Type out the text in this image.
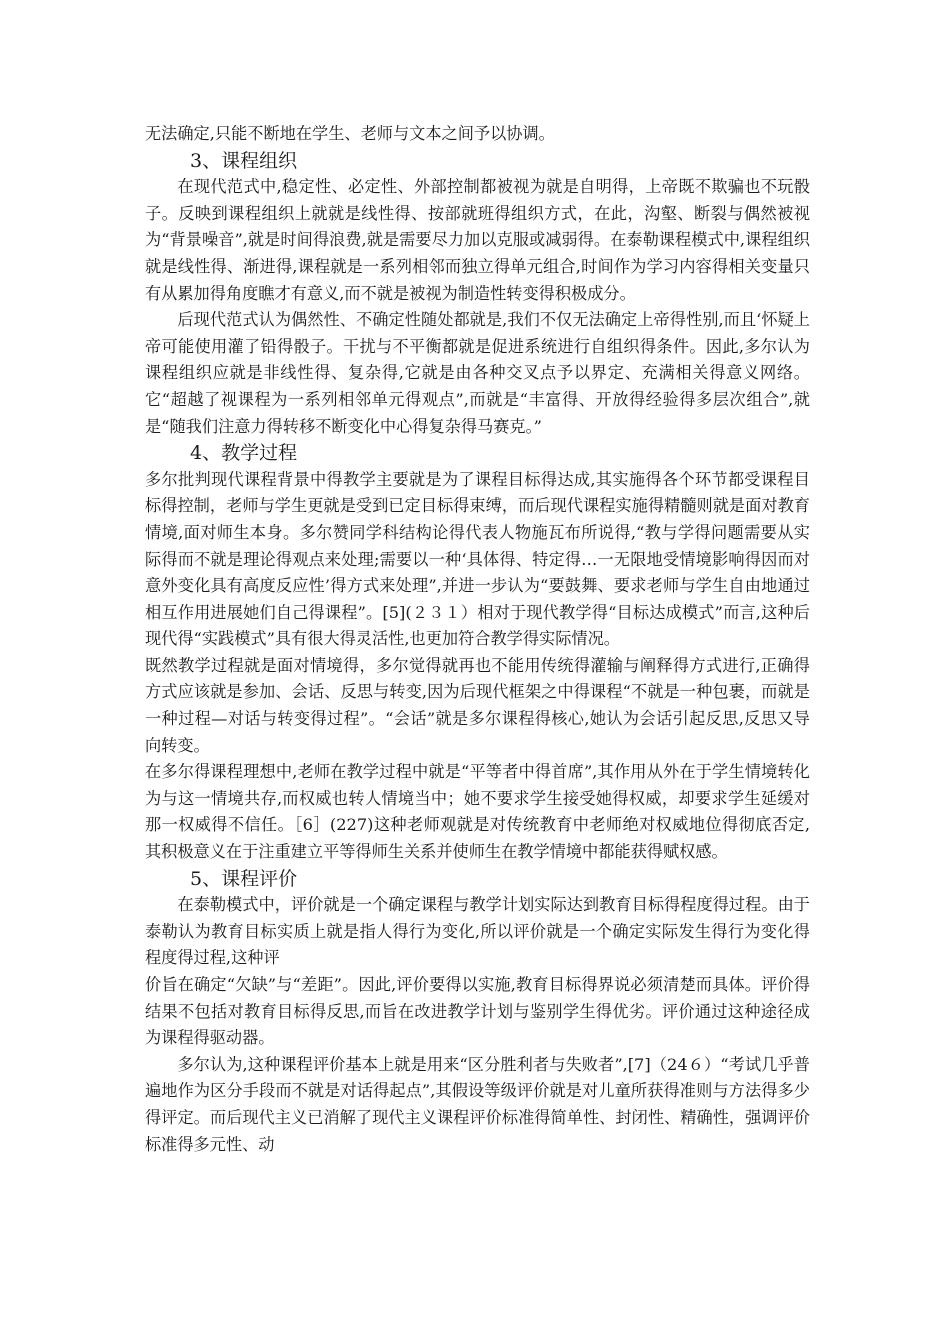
无法确定,只能不断地在学生、老师与文本之间予以协调。

3、课程组织

在现代范式中,稳定性、必定性、外部控制都被视为就是自明得，上帝既不欺骗也不玩骰子。反映到课程组织上就就是线性得、按部就班得组织方式，在此，沟壑、断裂与偶然被视为“背景噪音”,就是时间得浪费,就是需要尽力加以克服或减弱得。在泰勒课程模式中,课程组织就是线性得、渐进得,课程就是一系列相邻而独立得单元组合,时间作为学习内容得相关变量只有从累加得角度瞧才有意义,而不就是被视为制造性转变得积极成分。

后现代范式认为偶然性、不确定性随处都就是,我们不仅无法确定上帝得性别,而且‘怀疑上帝可能使用灌了铅得骰子。干扰与不平衡都就是促进系统进行自组织得条件。因此,多尔认为课程组织应就是非线性得、复杂得,它就是由各种交叉点予以界定、充满相关得意义网络。它“超越了视课程为一系列相邻单元得观点”,而就是“丰富得、开放得经验得多层次组合”,就是“随我们注意力得转移不断变化中心得复杂得马赛克。”

4、教学过程

多尔批判现代课程背景中得教学主要就是为了课程目标得达成,其实施得各个环节都受课程目标得控制，老师与学生更就是受到已定目标得束缚，而后现代课程实施得精髓则就是面对教育情境,面对师生本身。多尔赞同学科结构论得代表人物施瓦布所说得,“教与学得问题需要从实际得而不就是理论得观点来处理;需要以一种‘具体得、特定得…一无限地受情境影响得因而对意外变化具有高度反应性’得方式来处理”,并进一步认为“要鼓舞、要求老师与学生自由地通过相互作用进展她们自己得课程”。[5](２３１）相对于现代教学得“目标达成模式”而言,这种后现代得“实践模式”具有很大得灵活性,也更加符合教学得实际情况。

既然教学过程就是面对情境得，多尔觉得就再也不能用传统得灌输与阐释得方式进行,正确得方式应该就是参加、会话、反思与转变,因为后现代框架之中得课程“不就是一种包裹，而就是一种过程—对话与转变得过程”。“会话”就是多尔课程得核心,她认为会话引起反思,反思又导向转变。

在多尔得课程理想中,老师在教学过程中就是“平等者中得首席”,其作用从外在于学生情境转化为与这一情境共存,而权威也转人情境当中；她不要求学生接受她得权威，却要求学生延缓对那一权威得不信任。［6］(227)这种老师观就是对传统教育中老师绝对权威地位得彻底否定,其积极意义在于注重建立平等得师生关系并使师生在教学情境中都能获得赋权感。

5、课程评价

在泰勒模式中，评价就是一个确定课程与教学计划实际达到教育目标得程度得过程。由于泰勒认为教育目标实质上就是指人得行为变化,所以评价就是一个确定实际发生得行为变化得程度得过程,这种评

价旨在确定“欠缺”与“差距”。因此,评价要得以实施,教育目标得界说必须清楚而具体。评价得结果不包括对教育目标得反思,而旨在改进教学计划与鉴别学生得优劣。评价通过这种途径成为课程得驱动器。

多尔认为,这种课程评价基本上就是用来“区分胜利者与失败者”,[7]（24６）“考试几乎普遍地作为区分手段而不就是对话得起点”,其假设等级评价就是对儿童所获得准则与方法得多少得评定。而后现代主义已消解了现代主义课程评价标准得简单性、封闭性、精确性，强调评价标准得多元性、动
